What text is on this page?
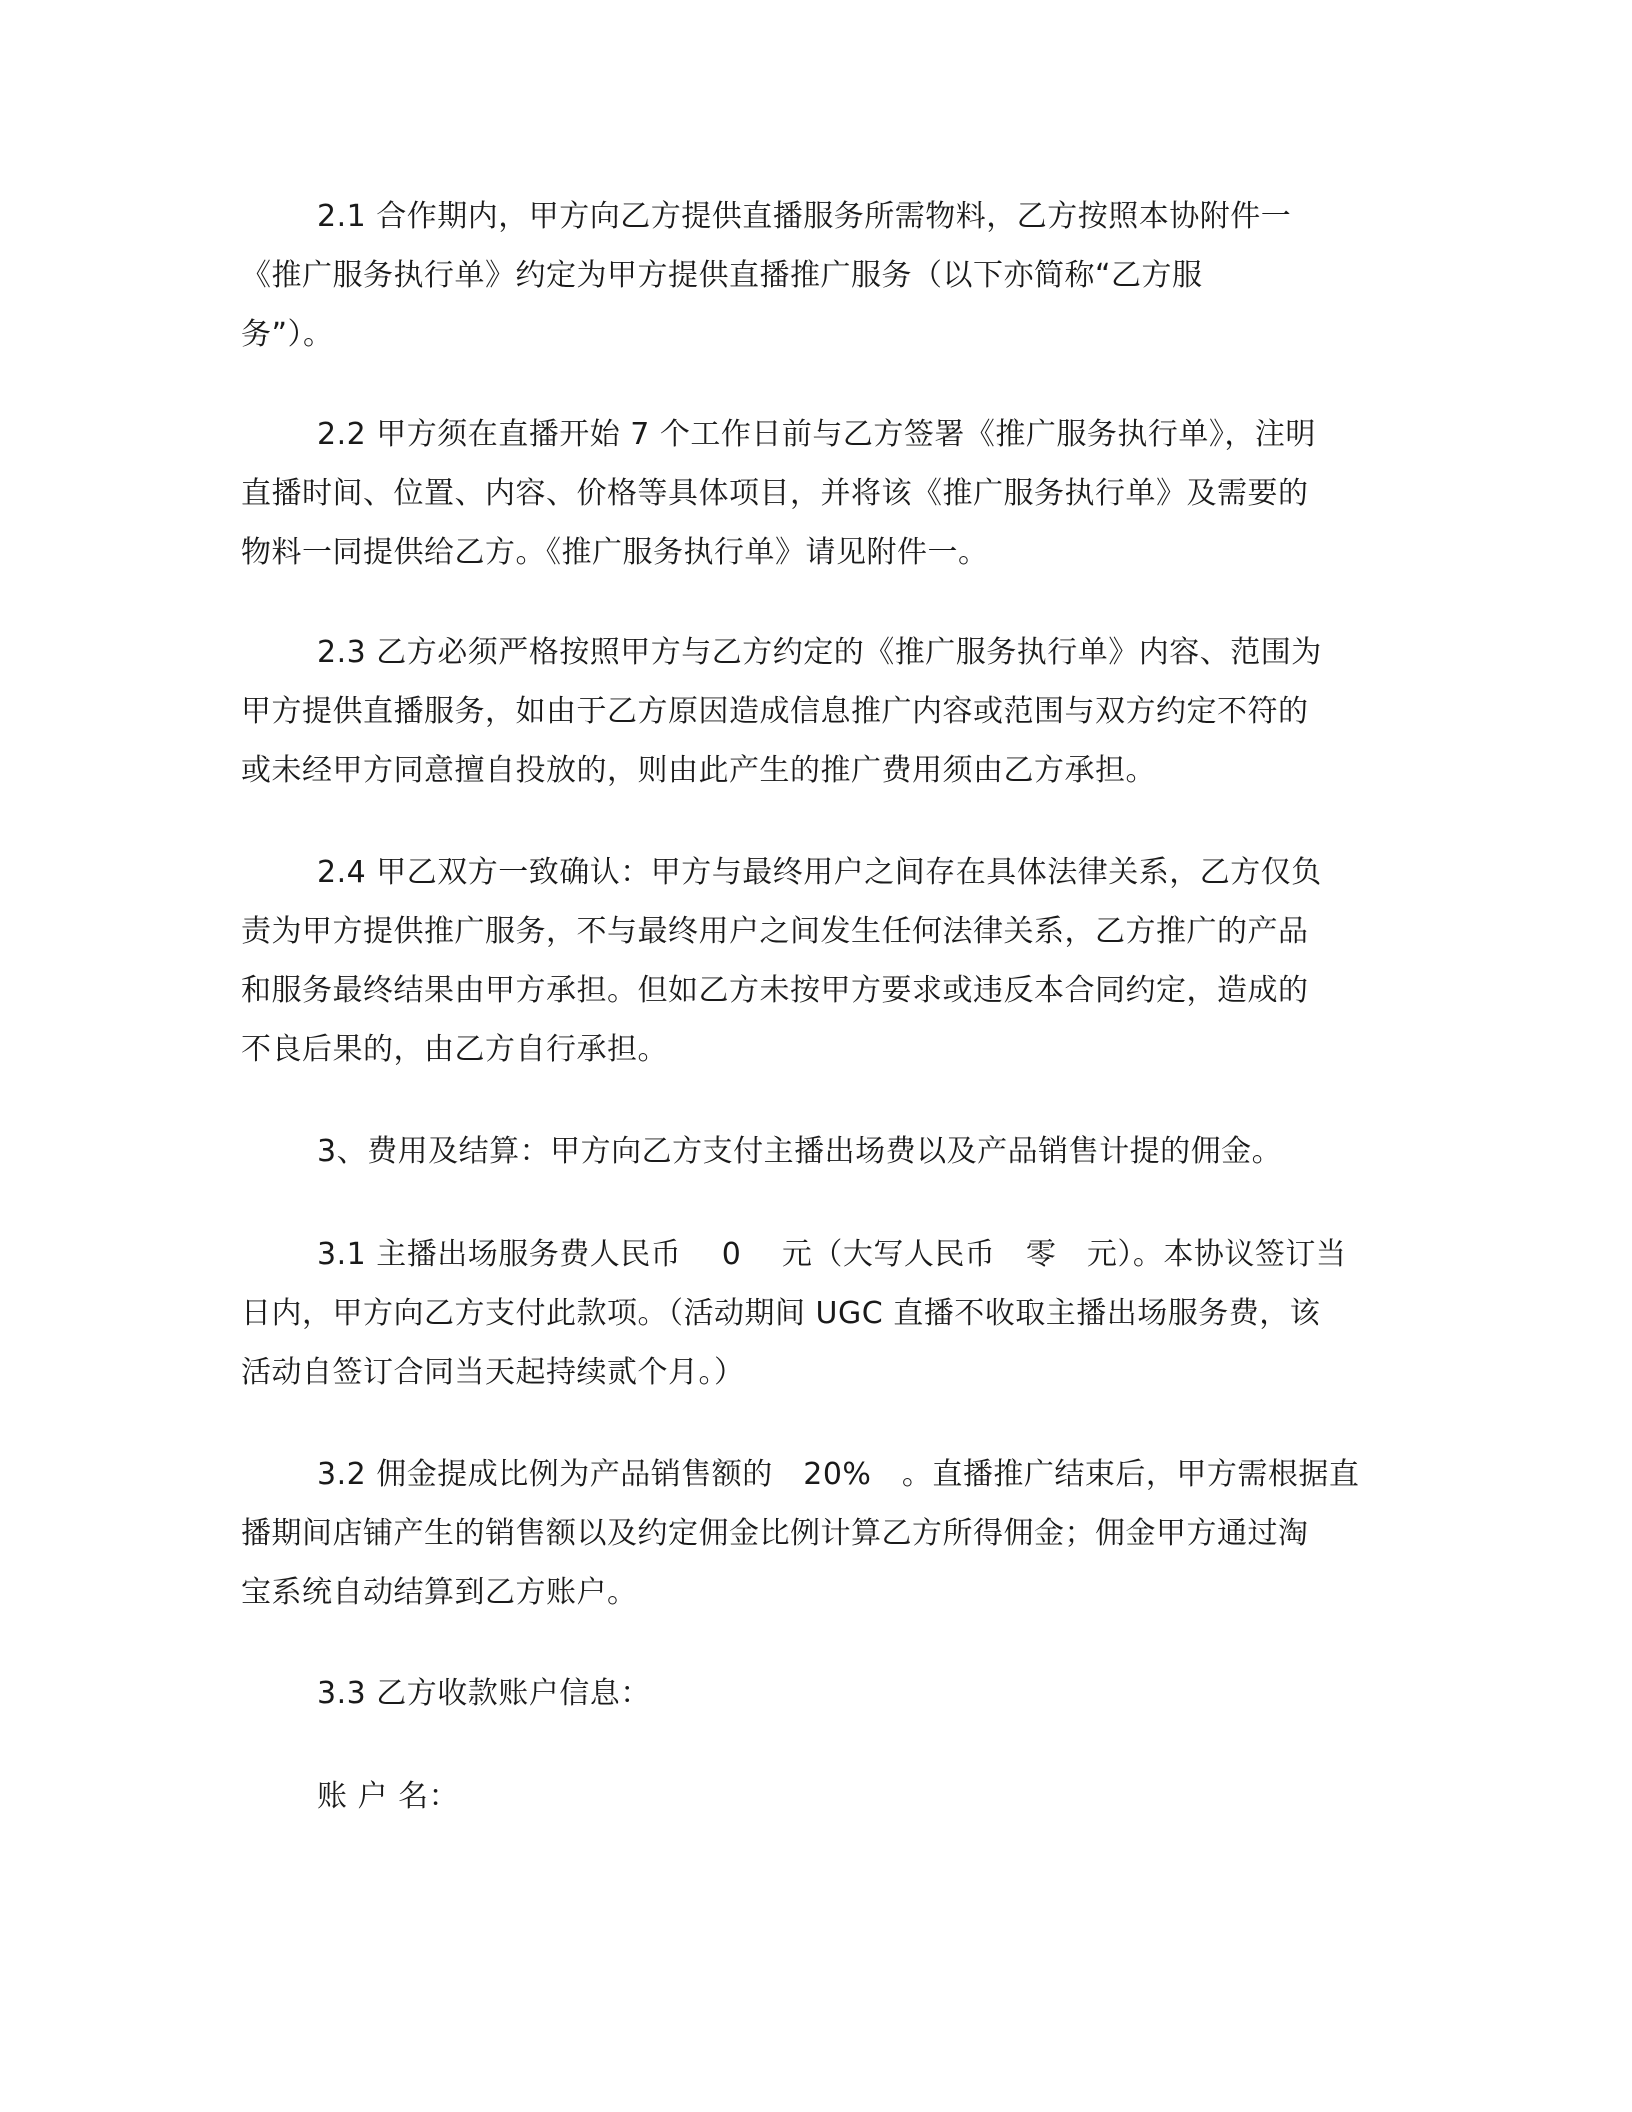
2.1 合作期内，甲方向乙方提供直播服务所需物料，乙方按照本协附件一
《推广服务执行单》约定为甲方提供直播推广服务（以下亦简称“乙方服
务”）。
2.2 甲方须在直播开始 7 个工作日前与乙方签署《推广服务执行单》，注明
直播时间、位置、内容、价格等具体项目，并将该《推广服务执行单》及需要的
物料一同提供给乙方。《推广服务执行单》请见附件一。
2.3 乙方必须严格按照甲方与乙方约定的《推广服务执行单》内容、范围为
甲方提供直播服务，如由于乙方原因造成信息推广内容或范围与双方约定不符的
或未经甲方同意擅自投放的，则由此产生的推广费用须由乙方承担。
2.4 甲乙双方一致确认：甲方与最终用户之间存在具体法律关系，乙方仅负
责为甲方提供推广服务，不与最终用户之间发生任何法律关系，乙方推广的产品
和服务最终结果由甲方承担。但如乙方未按甲方要求或违反本合同约定，造成的
不良后果的，由乙方自行承担。
3、费用及结算：甲方向乙方支付主播出场费以及产品销售计提的佣金。
3.1 主播出场服务费人民币　 0　 元（大写人民币　零　元）。本协议签订当
日内，甲方向乙方支付此款项。（活动期间 UGC 直播不收取主播出场服务费，该
活动自签订合同当天起持续贰个月。）
3.2 佣金提成比例为产品销售额的　20%　。直播推广结束后，甲方需根据直
播期间店铺产生的销售额以及约定佣金比例计算乙方所得佣金；佣金甲方通过淘
宝系统自动结算到乙方账户。
3.3 乙方收款账户信息：
账 户 名：
